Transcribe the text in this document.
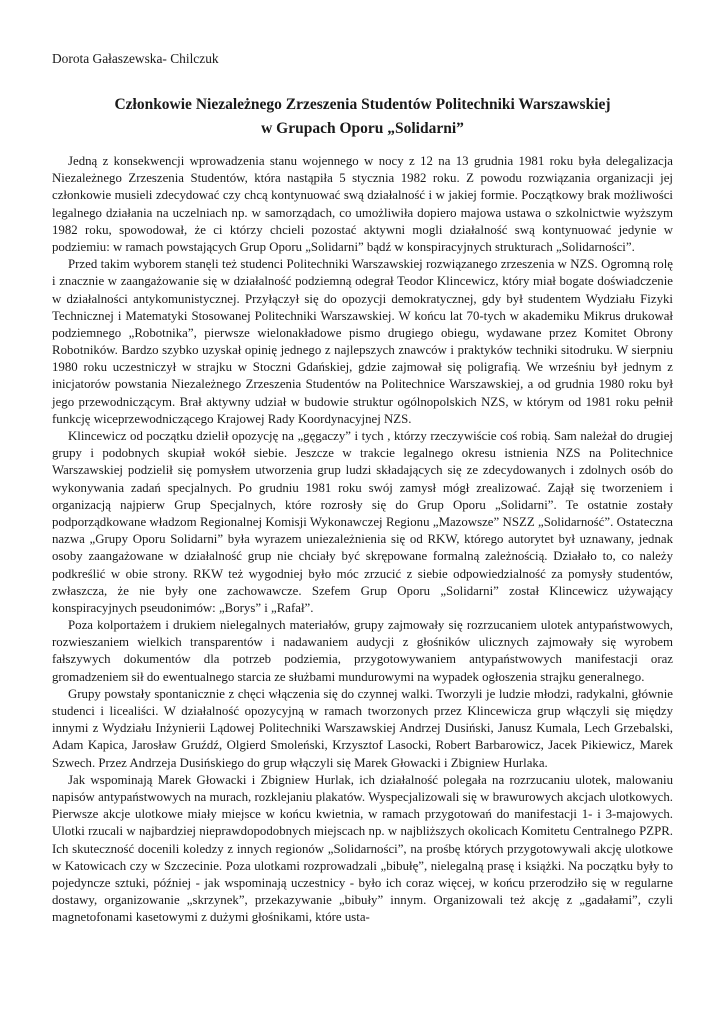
Dorota Gałaszewska- Chilczuk
Członkowie Niezależnego Zrzeszenia Studentów Politechniki Warszawskiej
w Grupach Oporu „Solidarni”

Jedną z konsekwencji wprowadzenia stanu wojennego w nocy z 12 na 13 grudnia 1981 roku była delegalizacja Niezależnego Zrzeszenia Studentów, która nastąpiła 5 stycznia 1982 roku. Z powodu rozwiązania organizacji jej członkowie musieli zdecydować czy chcą kontynuować swą działalność i w jakiej formie. Początkowy brak możliwości legalnego działania na uczelniach np. w samorządach, co umożliwiła dopiero majowa ustawa o szkolnictwie wyższym 1982 roku, spowodował, że ci którzy chcieli pozostać aktywni mogli działalność swą kontynuować jedynie w podziemiu: w ramach powstających Grup Oporu „Solidarni” bądź w konspiracyjnych strukturach „Solidarności”.

Przed takim wyborem stanęli też studenci Politechniki Warszawskiej rozwiązanego zrzeszenia w NZS. Ogromną rolę i znacznie w zaangażowanie się w działalność podziemną odegrał Teodor Klincewicz, który miał bogate doświadczenie w działalności antykomunistycznej. Przyłączył się do opozycji demokratycznej, gdy był studentem Wydziału Fizyki Technicznej i Matematyki Stosowanej Politechniki Warszawskiej. W końcu lat 70-tych w akademiku Mikrus drukował podziemnego „Robotnika”, pierwsze wielonakładowe pismo drugiego obiegu, wydawane przez Komitet Obrony Robotników. Bardzo szybko uzyskał opinię jednego z najlepszych znawców i praktyków techniki sitodruku. W sierpniu 1980 roku uczestniczył w strajku w Stoczni Gdańskiej, gdzie zajmował się poligrafią. We wrześniu był jednym z inicjatorów powstania Niezależnego Zrzeszenia Studentów na Politechnice Warszawskiej, a od grudnia 1980 roku był jego przewodniczącym. Brał aktywny udział w budowie struktur ogólnopolskich NZS, w którym od 1981 roku pełnił funkcję wiceprzewodniczącego Krajowej Rady Koordynacyjnej NZS.

Klincewicz od początku dzielił opozycję na „gęgaczy” i tych , którzy rzeczywiście coś robią. Sam należał do drugiej grupy i podobnych skupiał wokół siebie. Jeszcze w trakcie legalnego okresu istnienia NZS na Politechnice Warszawskiej podzielił się pomysłem utworzenia grup ludzi składających się ze zdecydowanych i zdolnych osób do wykonywania zadań specjalnych. Po grudniu 1981 roku swój zamysł mógł zrealizować. Zajął się tworzeniem i organizacją najpierw Grup Specjalnych, które rozrosły się do Grup Oporu „Solidarni”. Te ostatnie zostały podporządkowane władzom Regionalnej Komisji Wykonawczej Regionu „Mazowsze” NSZZ „Solidarność”. Ostateczna nazwa „Grupy Oporu Solidarni” była wyrazem uniezależnienia się od RKW, którego autorytet był uznawany, jednak osoby zaangażowane w działalność grup nie chciały być skrępowane formalną zależnością. Działało to, co należy podkreślić w obie strony. RKW też wygodniej było móc zrzucić z siebie odpowiedzialność za pomysły studentów, zwłaszcza, że nie były one zachowawcze. Szefem Grup Oporu „Solidarni” został Klincewicz używający konspiracyjnych pseudonimów: „Borys” i „Rafał”.

Poza kolportażem i drukiem nielegalnych materiałów, grupy zajmowały się rozrzucaniem ulotek antypaństwowych, rozwieszaniem wielkich transparentów i nadawaniem audycji z głośników ulicznych zajmowały się wyrobem fałszywych dokumentów dla potrzeb podziemia, przygotowywaniem antypaństwowych manifestacji oraz gromadzeniem sił do ewentualnego starcia ze służbami mundurowymi na wypadek ogłoszenia strajku generalnego.

Grupy powstały spontanicznie z chęci włączenia się do czynnej walki. Tworzyli je ludzie młodzi, radykalni, głównie studenci i licealiści. W działalność opozycyjną w ramach tworzonych przez Klincewicza grup włączyli się między innymi z Wydziału Inżynierii Lądowej Politechniki Warszawskiej Andrzej Dusiński, Janusz Kumala, Lech Grzebalski, Adam Kapica, Jarosław Gruźdź, Olgierd Smoleński, Krzysztof Lasocki, Robert Barbarowicz, Jacek Pikiewicz, Marek Szwech. Przez Andrzeja Dusińskiego do grup włączyli się Marek Głowacki i Zbigniew Hurlaka.

Jak wspominają Marek Głowacki i Zbigniew Hurlak, ich działalność polegała na rozrzucaniu ulotek, malowaniu napisów antypaństwowych na murach, rozklejaniu plakatów. Wyspecjalizowali się w brawurowych akcjach ulotkowych. Pierwsze akcje ulotkowe miały miejsce w końcu kwietnia, w ramach przygotowań do manifestacji 1- i 3-majowych. Ulotki rzucali w najbardziej nieprawdopodobnych miejscach np. w najbliższych okolicach Komitetu Centralnego PZPR. Ich skuteczność docenili koledzy z innych regionów „Solidarności”, na prośbę których przygotowywali akcję ulotkowe w Katowicach czy w Szczecinie. Poza ulotkami rozprowadzali „bibułę”, nielegalną prasę i książki. Na początku były to pojedyncze sztuki, później - jak wspominają uczestnicy - było ich coraz więcej, w końcu przerodziło się w regularne dostawy, organizowanie „skrzynek”, przekazywanie „bibuły” innym. Organizowali też akcję z „gadałami”, czyli magnetofonami kasetowymi z dużymi głośnikami, które usta-
